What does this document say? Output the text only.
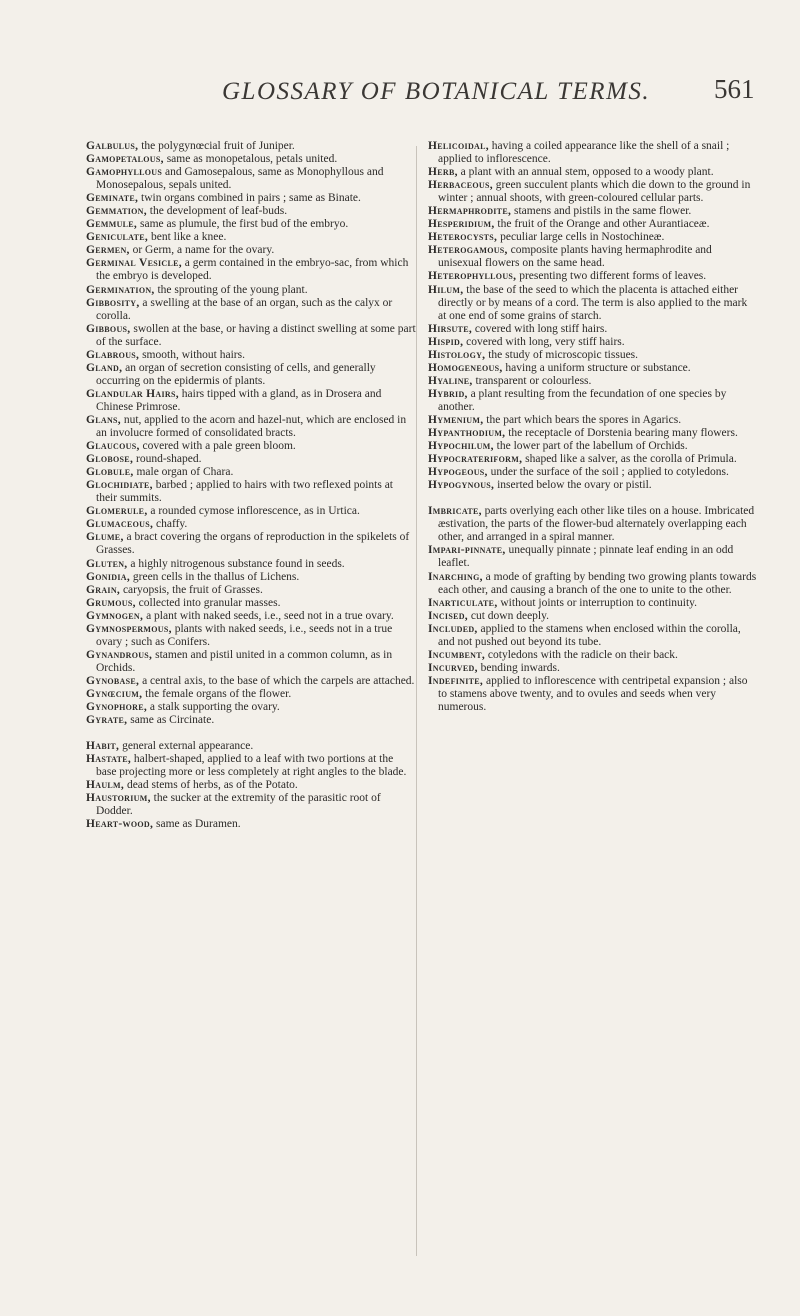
GLOSSARY OF BOTANICAL TERMS. 561

Galbulus, the polygynœcial fruit of Juniper.

Gamopetalous, same as monopetalous, petals united.

Gamophyllous and Gamosepalous, same as Monophyllous and Monosepalous, sepals united.

Geminate, twin organs combined in pairs ; same as Binate.

Gemmation, the development of leaf-buds.

Gemmule, same as plumule, the first bud of the embryo.

Geniculate, bent like a knee.

Germen, or Germ, a name for the ovary.

Germinal Vesicle, a germ contained in the embryo-sac, from which the embryo is developed.

Germination, the sprouting of the young plant.

Gibbosity, a swelling at the base of an organ, such as the calyx or corolla.

Gibbous, swollen at the base, or having a distinct swelling at some part of the surface.

Glabrous, smooth, without hairs.

Gland, an organ of secretion consisting of cells, and generally occurring on the epidermis of plants.

Glandular Hairs, hairs tipped with a gland, as in Drosera and Chinese Primrose.

Glans, nut, applied to the acorn and hazel-nut, which are enclosed in an involucre formed of consolidated bracts.

Glaucous, covered with a pale green bloom.

Globose, round-shaped.

Globule, male organ of Chara.

Glochidiate, barbed ; applied to hairs with two reflexed points at their summits.

Glomerule, a rounded cymose inflorescence, as in Urtica.

Glumaceous, chaffy.

Glume, a bract covering the organs of reproduction in the spikelets of Grasses.

Gluten, a highly nitrogenous substance found in seeds.

Gonidia, green cells in the thallus of Lichens.

Grain, caryopsis, the fruit of Grasses.

Grumous, collected into granular masses.

Gymnogen, a plant with naked seeds, i.e., seed not in a true ovary.

Gymnospermous, plants with naked seeds, i.e., seeds not in a true ovary ; such as Conifers.

Gynandrous, stamen and pistil united in a common column, as in Orchids.

Gynobase, a central axis, to the base of which the carpels are attached.

Gynœcium, the female organs of the flower.

Gynophore, a stalk supporting the ovary.

Gyrate, same as Circinate.

Habit, general external appearance.

Hastate, halbert-shaped, applied to a leaf with two portions at the base projecting more or less completely at right angles to the blade.

Haulm, dead stems of herbs, as of the Potato.

Haustorium, the sucker at the extremity of the parasitic root of Dodder.

Heart-wood, same as Duramen.

Helicoidal, having a coiled appearance like the shell of a snail ; applied to inflorescence.

Herb, a plant with an annual stem, opposed to a woody plant.

Herbaceous, green succulent plants which die down to the ground in winter ; annual shoots, with green-coloured cellular parts.

Hermaphrodite, stamens and pistils in the same flower.

Hesperidium, the fruit of the Orange and other Aurantiaceæ.

Heterocysts, peculiar large cells in Nostochineæ.

Heterogamous, composite plants having hermaphrodite and unisexual flowers on the same head.

Heterophyllous, presenting two different forms of leaves.

Hilum, the base of the seed to which the placenta is attached either directly or by means of a cord. The term is also applied to the mark at one end of some grains of starch.

Hirsute, covered with long stiff hairs.

Hispid, covered with long, very stiff hairs.

Histology, the study of microscopic tissues.

Homogeneous, having a uniform structure or substance.

Hyaline, transparent or colourless.

Hybrid, a plant resulting from the fecundation of one species by another.

Hymenium, the part which bears the spores in Agarics.

Hypanthodium, the receptacle of Dorstenia bearing many flowers.

Hypochilum, the lower part of the labellum of Orchids.

Hypocrateriform, shaped like a salver, as the corolla of Primula.

Hypogeous, under the surface of the soil ; applied to cotyledons.

Hypogynous, inserted below the ovary or pistil.

Imbricate, parts overlying each other like tiles on a house. Imbricated æstivation, the parts of the flower-bud alternately overlapping each other, and arranged in a spiral manner.

Impari-pinnate, unequally pinnate ; pinnate leaf ending in an odd leaflet.

Inarching, a mode of grafting by bending two growing plants towards each other, and causing a branch of the one to unite to the other.

Inarticulate, without joints or interruption to continuity.

Incised, cut down deeply.

Included, applied to the stamens when enclosed within the corolla, and not pushed out beyond its tube.

Incumbent, cotyledons with the radicle on their back.

Incurved, bending inwards.

Indefinite, applied to inflorescence with centripetal expansion ; also to stamens above twenty, and to ovules and seeds when very numerous.
